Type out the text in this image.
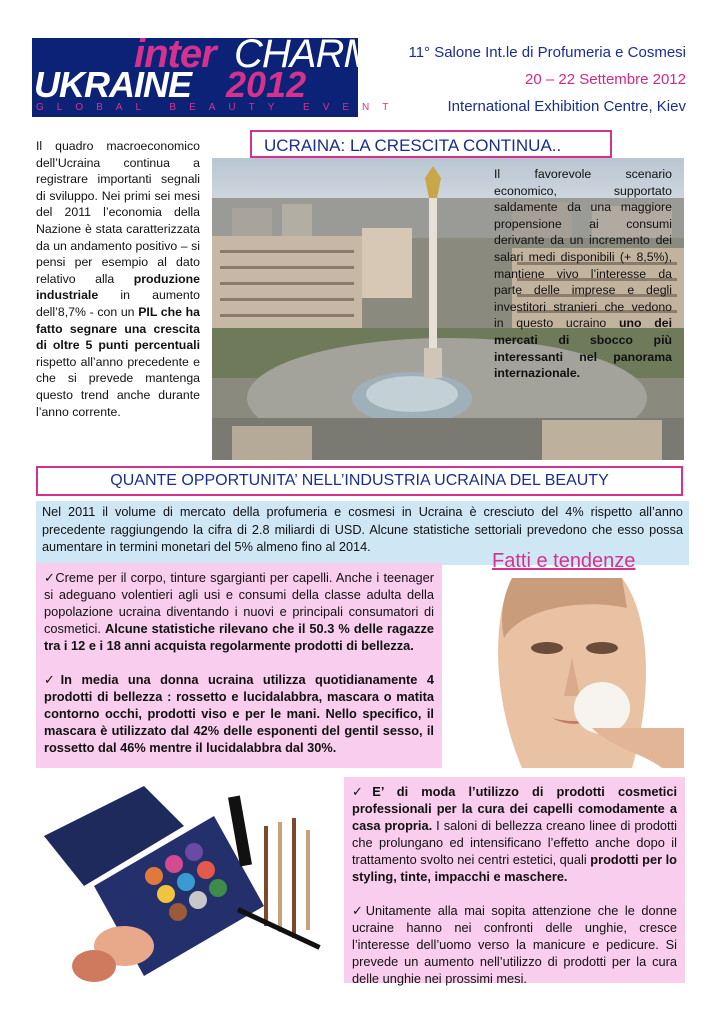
inter CHARM
UKRAINE 2012
GLOBAL BEAUTY EVENT
11° Salone Int.le di Profumeria e Cosmesi
20 – 22 Settembre 2012
International Exhibition Centre, Kiev
Il quadro macroeconomico dell’Ucraina continua a registrare importanti segnali di sviluppo. Nei primi sei mesi del 2011 l’economia della Nazione è stata caratterizzata da un andamento positivo – si pensi per esempio al dato relativo alla produzione industriale in aumento dell’8,7% - con un PIL che ha fatto segnare una crescita di oltre 5 punti percentuali rispetto all’anno precedente e che si prevede mantenga questo trend anche durante l’anno corrente.
UCRAINA: LA CRESCITA CONTINUA..
Il favorevole scenario economico, supportato saldamente da una maggiore propensione ai consumi derivante da un incremento dei salari medi disponibili (+ 8,5%), mantiene vivo l’interesse da parte delle imprese e degli investitori stranieri che vedono in questo ucraino uno dei mercati di sbocco più interessanti nel panorama internazionale.
QUANTE OPPORTUNITA’ NELL’INDUSTRIA UCRAINA DEL BEAUTY
Nel 2011 il volume di mercato della profumeria e cosmesi in Ucraina è cresciuto del 4% rispetto all’anno precedente raggiungendo la cifra di 2.8 miliardi di USD. Alcune statistiche settoriali prevedono che esso possa aumentare in termini monetari del 5% almeno fino al 2014.
✓Creme per il corpo, tinture sgargianti per capelli. Anche i teenager si adeguano volentieri agli usi e consumi della classe adulta della popolazione ucraina diventando i nuovi e principali consumatori di cosmetici. Alcune statistiche rilevano che il 50.3 % delle ragazze tra i 12 e i 18 anni acquista regolarmente prodotti di bellezza.
✓In media una donna ucraina utilizza quotidianamente 4 prodotti di bellezza : rossetto e lucidalabbra, mascara o matita contorno occhi, prodotti viso e per le mani. Nello specifico, il mascara è utilizzato dal 42% delle esponenti del gentil sesso, il rossetto dal 46% mentre il lucidalabbra dal 30%.
Fatti e tendenze
✓E’ di moda l’utilizzo di prodotti cosmetici professionali per la cura dei capelli comodamente a casa propria. I saloni di bellezza creano linee di prodotti che prolungano ed intensificano l’effetto anche dopo il trattamento svolto nei centri estetici, quali prodotti per lo styling, tinte, impacchi e maschere.
✓Unitamente alla mai sopita attenzione che le donne ucraine hanno nei confronti delle unghie, cresce l’interesse dell’uomo verso la manicure e pedicure. Si prevede un aumento nell’utilizzo di prodotti per la cura delle unghie nei prossimi mesi.
